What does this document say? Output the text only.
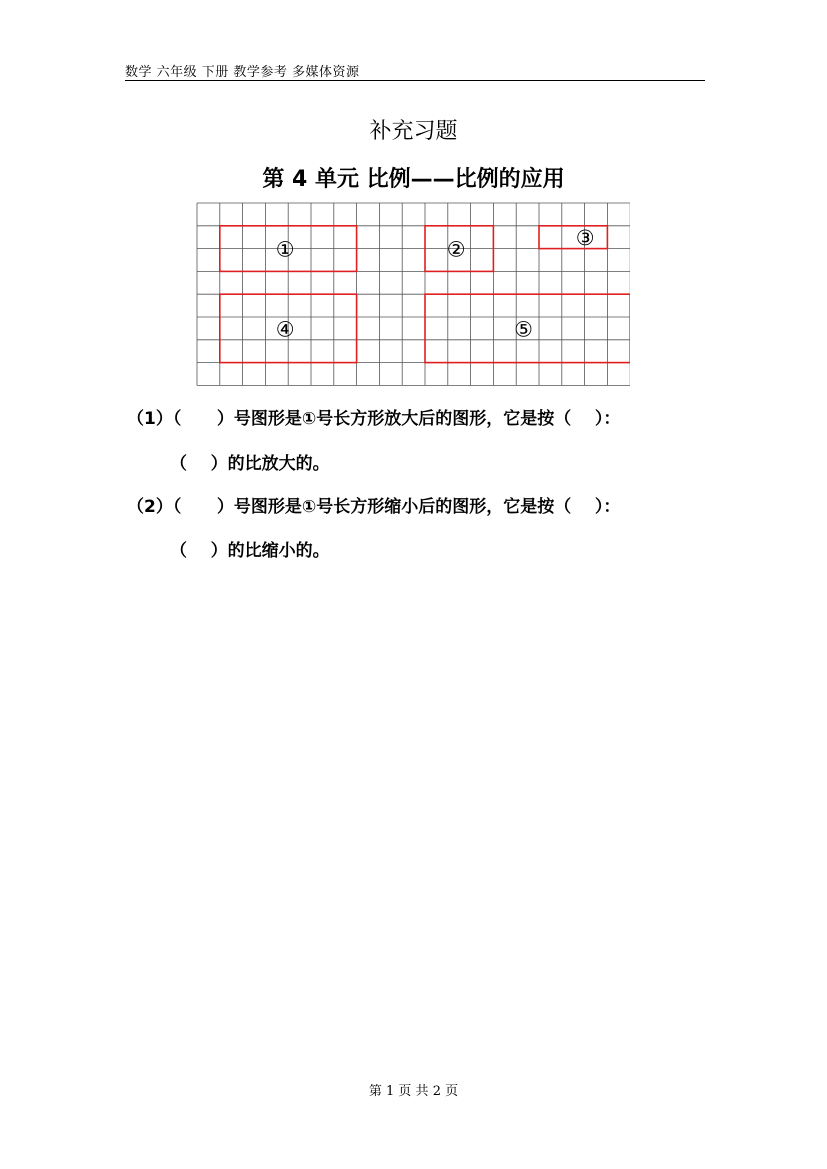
数学 六年级 下册 教学参考 多媒体资源
补充习题
第 4 单元 比例——比例的应用
①	②	③
④	⑤
（1）（      ）号图形是①号长方形放大后的图形，它是按（    ）：
（    ）的比放大的。
（2）（      ）号图形是①号长方形缩小后的图形，它是按（    ）：
（    ）的比缩小的。
第 1 页 共 2 页
